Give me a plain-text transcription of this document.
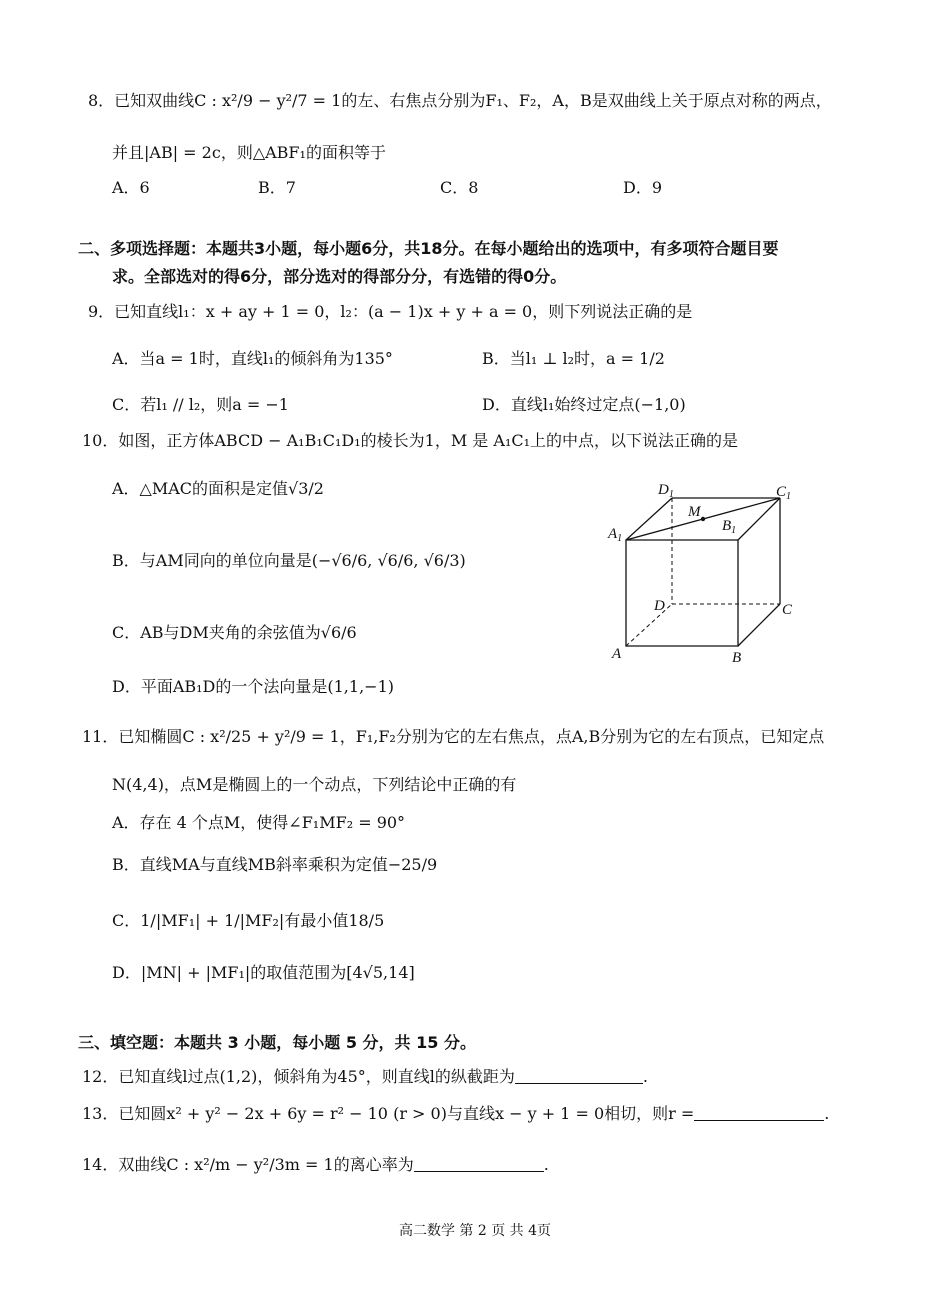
8．已知双曲线C : x²/9 − y²/7 = 1的左、右焦点分别为F₁、F₂，A，B是双曲线上关于原点对称的两点，
并且|AB| = 2c，则△ABF₁的面积等于
A．6	B．7	C．8	D．9
二、多项选择题：本题共3小题，每小题6分，共18分。在每小题给出的选项中，有多项符合题目要
求。全部选对的得6分，部分选对的得部分分，有选错的得0分。
9．已知直线l₁：x + ay + 1 = 0，l₂：(a − 1)x + y + a = 0，则下列说法正确的是
A．当a = 1时，直线l₁的倾斜角为135°	B．当l₁ ⊥ l₂时，a = 1/2
C．若l₁ // l₂，则a = −1	D．直线l₁始终过定点(−1,0)
10．如图，正方体ABCD − A₁B₁C₁D₁的棱长为1，M 是 A₁C₁上的中点，以下说法正确的是
A．△MAC的面积是定值√3/2
B．与AM同向的单位向量是(−√6/6, √6/6, √6/3)
C．AB与DM夹角的余弦值为√6/6
D．平面AB₁D的一个法向量是(1,1,−1)
$D_1$	$C_1$
M
$A_1$
$B_1$
D	C
A	B
11．已知椭圆C : x²/25 + y²/9 = 1，F₁,F₂分别为它的左右焦点，点A,B分别为它的左右顶点，已知定点
N(4,4)，点M是椭圆上的一个动点，下列结论中正确的有
A．存在 4 个点M，使得∠F₁MF₂ = 90°
B．直线MA与直线MB斜率乘积为定值−25/9
C．1/|MF₁| + 1/|MF₂|有最小值18/5
D．|MN| + |MF₁|的取值范围为[4√5,14]
三、填空题：本题共 3 小题，每小题 5 分，共 15 分。
12．已知直线l过点(1,2)，倾斜角为45°，则直线l的纵截距为	.
13．已知圆x² + y² − 2x + 6y = r² − 10 (r > 0)与直线x − y + 1 = 0相切，则r =	.
14．双曲线C : x²/m − y²/3m = 1的离心率为	.
高二数学 第 2 页 共 4页
